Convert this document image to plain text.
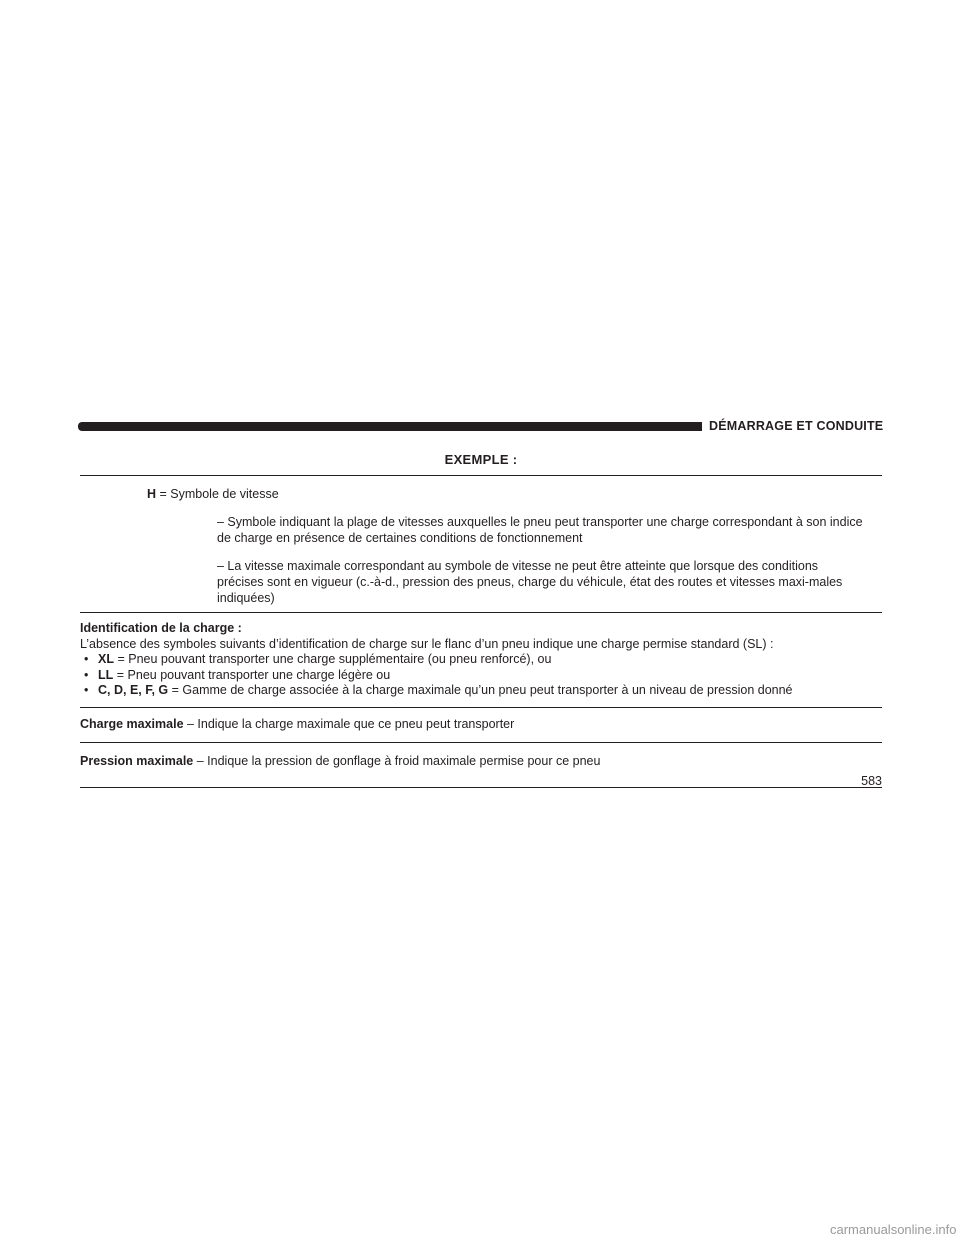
DÉMARRAGE ET CONDUITE
EXEMPLE :
H = Symbole de vitesse
– Symbole indiquant la plage de vitesses auxquelles le pneu peut transporter une charge correspondant à son indice de charge en présence de certaines conditions de fonctionnement
– La vitesse maximale correspondant au symbole de vitesse ne peut être atteinte que lorsque des conditions précises sont en vigueur (c.-à-d., pression des pneus, charge du véhicule, état des routes et vitesses maxi-males indiquées)
Identification de la charge :
L’absence des symboles suivants d’identification de charge sur le flanc d’un pneu indique une charge permise standard (SL) :
• XL = Pneu pouvant transporter une charge supplémentaire (ou pneu renforcé), ou
• LL = Pneu pouvant transporter une charge légère ou
• C, D, E, F, G = Gamme de charge associée à la charge maximale qu’un pneu peut transporter à un niveau de pression donné
Charge maximale – Indique la charge maximale que ce pneu peut transporter
Pression maximale – Indique la pression de gonflage à froid maximale permise pour ce pneu
583
carmanualsonline.info
